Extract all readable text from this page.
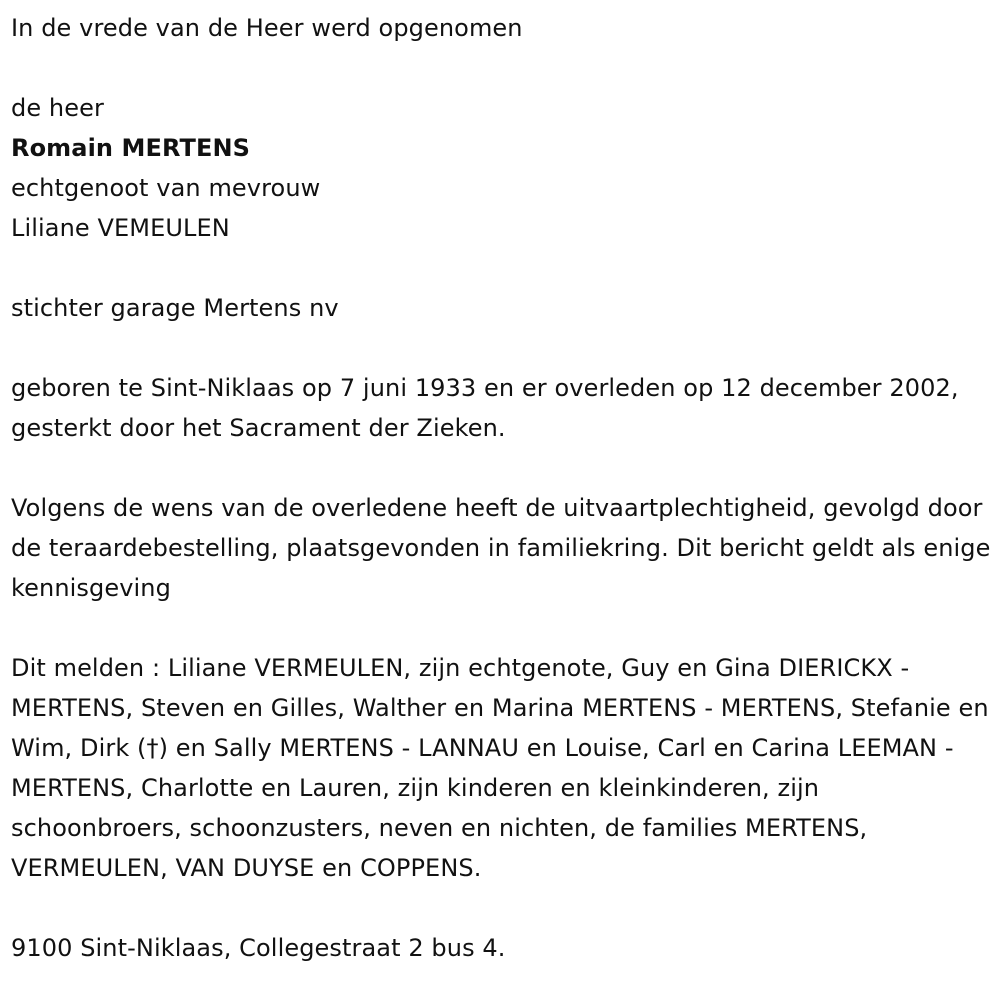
In de vrede van de Heer werd opgenomen

de heer

Romain MERTENS

echtgenoot van mevrouw

Liliane VEMEULEN

stichter garage Mertens nv

geboren te Sint-Niklaas op 7 juni 1933 en er overleden op 12 december 2002, gesterkt door het Sacrament der Zieken.

Volgens de wens van de overledene heeft de uitvaartplechtigheid, gevolgd door de teraardebestelling, plaatsgevonden in familiekring. Dit bericht geldt als enige kennisgeving

Dit melden : Liliane VERMEULEN, zijn echtgenote, Guy en Gina DIERICKX - MERTENS, Steven en Gilles, Walther en Marina MERTENS - MERTENS, Stefanie en Wim, Dirk (†) en Sally MERTENS - LANNAU en Louise, Carl en Carina LEEMAN - MERTENS, Charlotte en Lauren, zijn kinderen en kleinkinderen, zijn schoonbroers, schoonzusters, neven en nichten, de families MERTENS, VERMEULEN, VAN DUYSE en COPPENS.

9100 Sint-Niklaas, Collegestraat 2 bus 4.
